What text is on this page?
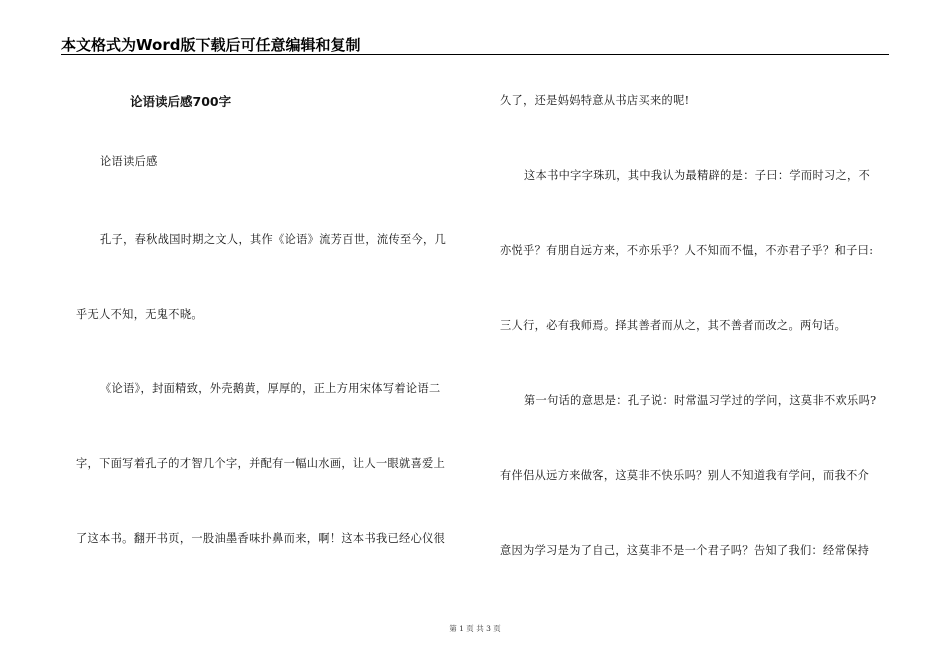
本文格式为Word版下载后可任意编辑和复制
论语读后感700字
论语读后感
孔子，春秋战国时期之文人，其作《论语》流芳百世，流传至今，几
乎无人不知，无鬼不晓。
《论语》，封面精致，外壳鹅黄，厚厚的，正上方用宋体写着论语二
字，下面写着孔子的才智几个字，并配有一幅山水画，让人一眼就喜爱上
了这本书。翻开书页，一股油墨香味扑鼻而来，啊！这本书我已经心仪很
久了，还是妈妈特意从书店买来的呢!
这本书中字字珠玑，其中我认为最精辟的是：子曰：学而时习之，不
亦悦乎？有朋自远方来，不亦乐乎？人不知而不愠，不亦君子乎？和子曰:
三人行，必有我师焉。择其善者而从之，其不善者而改之。两句话。
第一句话的意思是：孔子说：时常温习学过的学问，这莫非不欢乐吗?
有伴侣从远方来做客，这莫非不快乐吗？别人不知道我有学问，而我不介
意因为学习是为了自己，这莫非不是一个君子吗？告知了我们：经常保持
第 1 页 共 3 页
